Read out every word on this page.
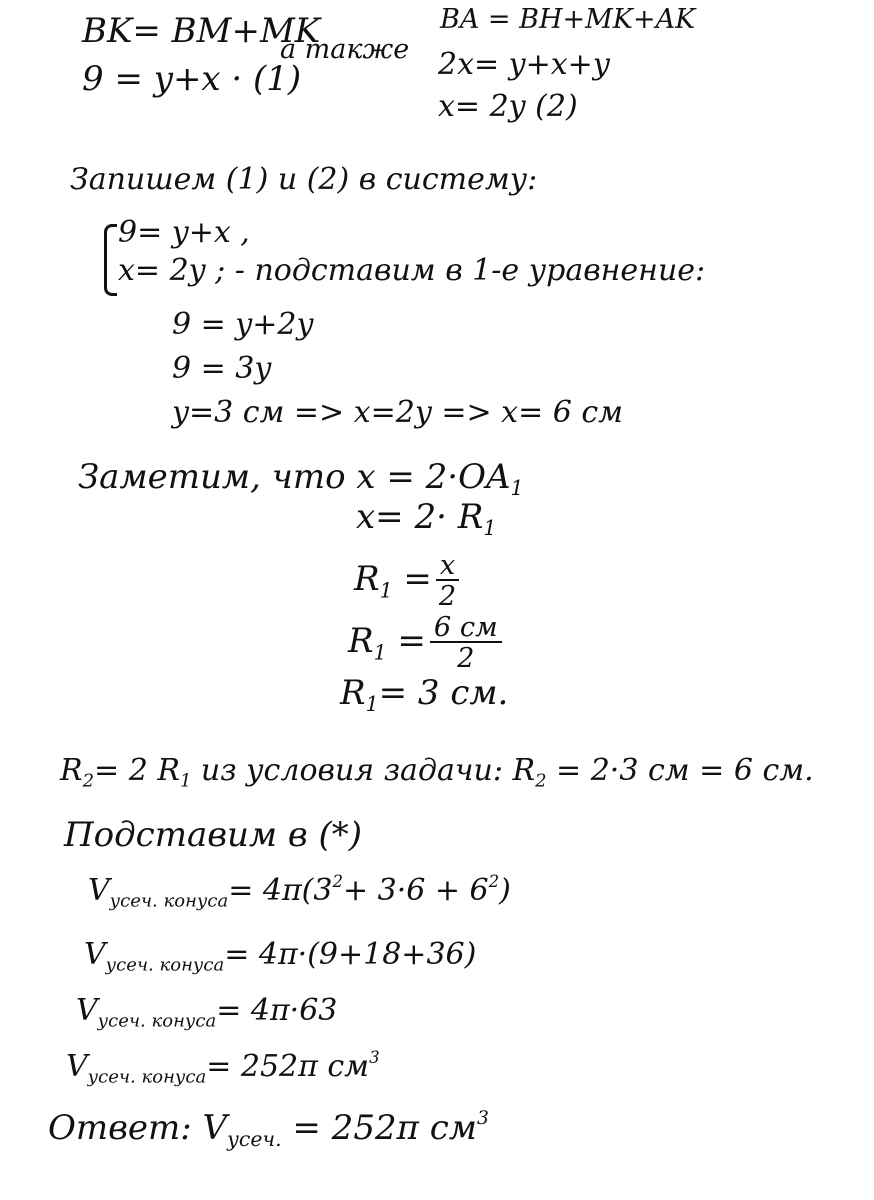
BK= BM+MK
9 = y+x · (1)
а также
BA = BH+MK+AK
2x= y+x+y
x= 2y (2)
Запишем (1) и (2) в систему:
9= y+x ,
x= 2y ; - подставим в 1-е уравнение:
9 = y+2y
9 = 3y
y=3 см => x=2y => x= 6 см
Заметим, что $x = 2\cdot OA_1$
$x= 2\cdot R_1$
$R_1 = \frac{x}{2}$
$R_1 = \frac{6 см}{2}$
$R_1= 3$ см.
$R_2= 2$ $R_1$ из условия задачи: $R_2 = 2\cdot 3$ см = 6 см.
Подставим в (*)
$V_{усеч. конуса}= 4\pi(3^2+ 3\cdot 6 + 6^2)$
$V_{усеч. конуса}= 4\pi\cdot(9+18+36)$
$V_{усеч. конуса}= 4\pi\cdot 63$
$V_{усеч. конуса}= 252\pi$ $см^3$
Ответ: $V_{усеч.} = 252\pi$ $см^3$
